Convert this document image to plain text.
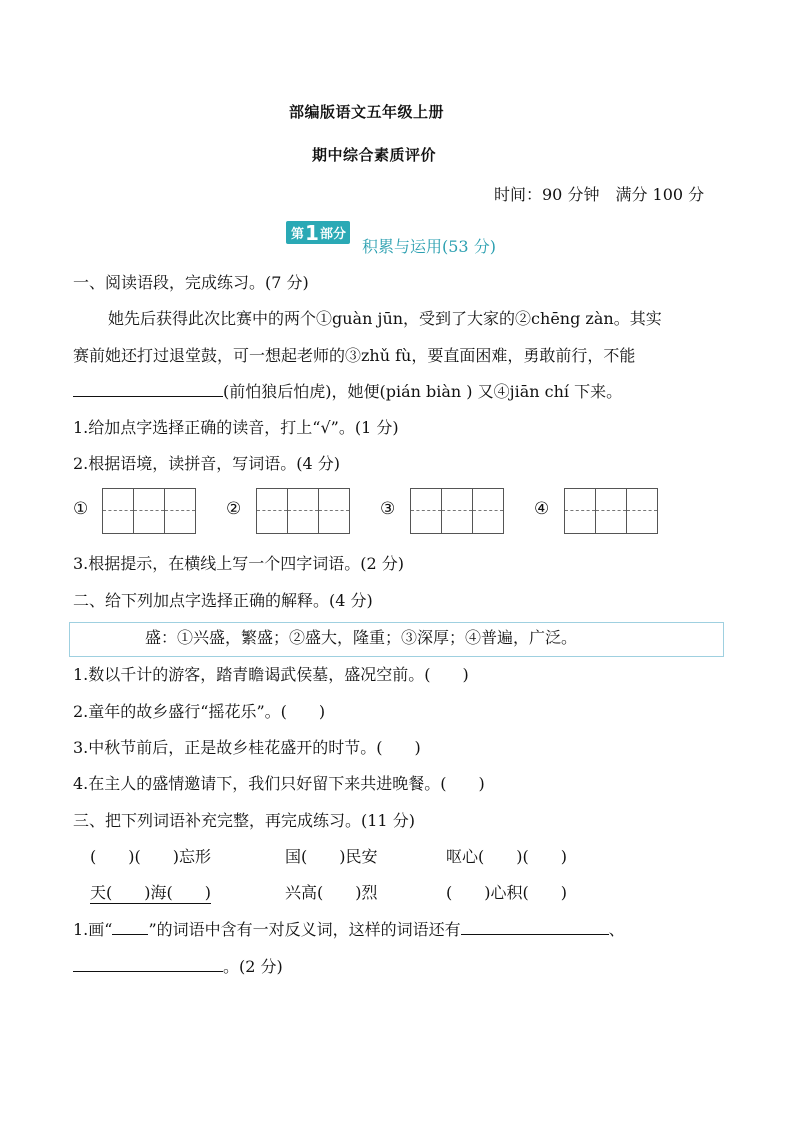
部编版语文五年级上册
期中综合素质评价
时间：90 分钟　满分 100 分
第1部分
积累与运用(53 分)
一、阅读语段，完成练习。(7 分)
她先后获得此次比赛中的两个①guàn jūn，受到了大家的②chēng zàn。其实
赛前她还打过退堂鼓，可一想起老师的③zhǔ fù，要直面困难，勇敢前行，不能
(前怕狼后怕虎)，她便(pián biàn ) 又④jiān chí 下来。
1.给加点字选择正确的读音，打上“√”。(1 分)
2.根据语境，读拼音，写词语。(4 分)
①	②	③	④
3.根据提示，在横线上写一个四字词语。(2 分)
二、给下列加点字选择正确的解释。(4 分)
盛：①兴盛，繁盛；②盛大，隆重；③深厚；④普遍，广泛。
1.数以千计的游客，踏青瞻谒武侯墓，盛况空前。(　　)
2.童年的故乡盛行“摇花乐”。(　　)
3.中秋节前后，正是故乡桂花盛开的时节。(　　)
4.在主人的盛情邀请下，我们只好留下来共进晚餐。(　　)
三、把下列词语补充完整，再完成练习。(11 分)
(　　)(　　)忘形	国(　　)民安	呕心(　　)(　　)
天(　　)海(　　)	兴高(　　)烈	(　　)心积(　　)
1.画“ ”的词语中含有一对反义词，这样的词语还有	、
。(2 分)
